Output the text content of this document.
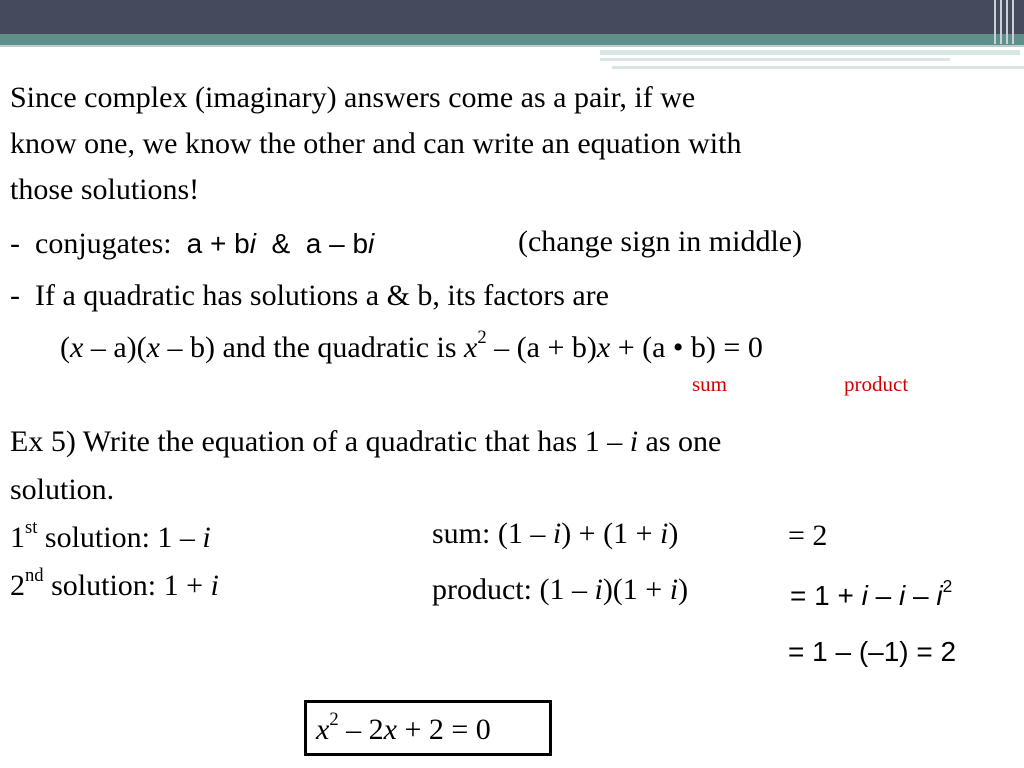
Since complex (imaginary) answers come as a pair, if we
know one, we know the other and can write an equation with
those solutions!
- conjugates: a + bi & a – bi	(change sign in middle)
- If a quadratic has solutions a & b, its factors are
(x – a)(x – b) and the quadratic is $x^2 - (a + b)x + (a$ • b) = 0
sum	product
Ex 5) Write the equation of a quadratic that has 1 – i as one
solution.
1st solution: 1 – i
2nd solution: 1 + i
sum: (1 – i) + (1 + i)	= 2
product: (1 – i)(1 + i)	= $1 + i - i - i^2$
= 1 – (–1) = 2
$x^2 - 2x + 2 = 0$
